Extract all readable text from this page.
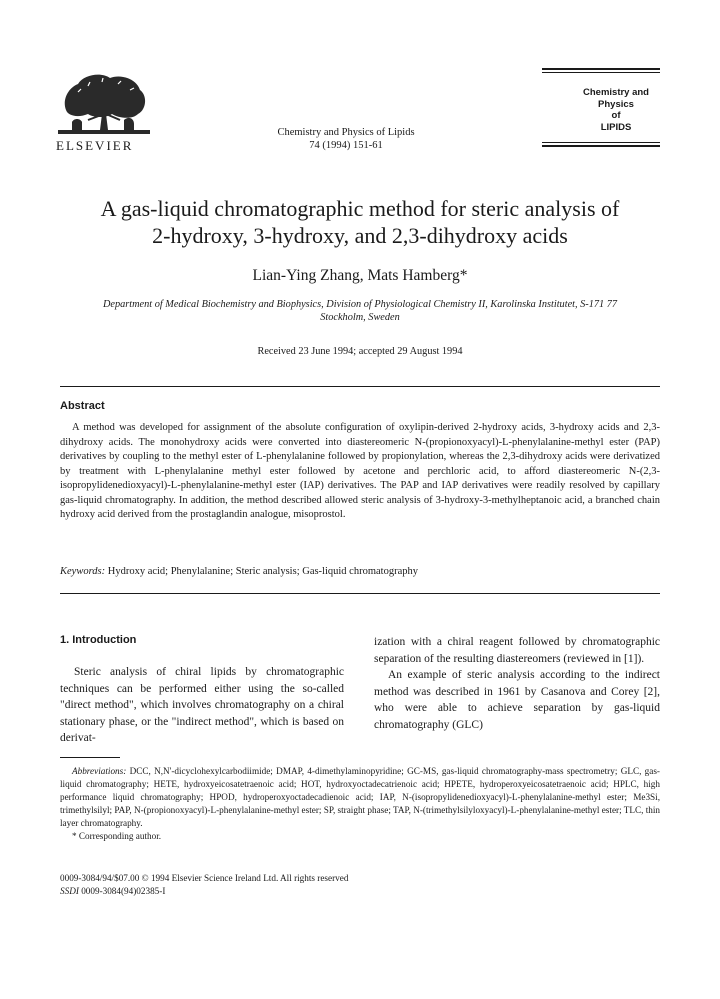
ELSEVIER
Chemistry and Physics of Lipids
74 (1994) 151-61
Chemistry and Physics
of
LIPIDS
A gas-liquid chromatographic method for steric analysis of
2-hydroxy, 3-hydroxy, and 2,3-dihydroxy acids
Lian-Ying Zhang, Mats Hamberg*
Department of Medical Biochemistry and Biophysics, Division of Physiological Chemistry II, Karolinska Institutet, S-171 77
Stockholm, Sweden
Received 23 June 1994; accepted 29 August 1994
Abstract
A method was developed for assignment of the absolute configuration of oxylipin-derived 2-hydroxy acids, 3-hydroxy acids and 2,3-dihydroxy acids. The monohydroxy acids were converted into diastereomeric N-(propionoxyacyl)-L-phenylalanine-methyl ester (PAP) derivatives by coupling to the methyl ester of L-phenylalanine followed by propionylation, whereas the 2,3-dihydroxy acids were derivatized by treatment with L-phenylalanine methyl ester followed by acetone and perchloric acid, to afford diastereomeric N-(2,3-isopropylidenedioxyacyl)-L-phenylalanine-methyl ester (IAP) derivatives. The PAP and IAP derivatives were readily resolved by capillary gas-liquid chromatography. In addition, the method described allowed steric analysis of 3-hydroxy-3-methylheptanoic acid, a branched chain hydroxy acid derived from the prostaglandin analogue, misoprostol.
Keywords: Hydroxy acid; Phenylalanine; Steric analysis; Gas-liquid chromatography
1. Introduction
Steric analysis of chiral lipids by chromatographic techniques can be performed either using the so-called "direct method", which involves chromatography on a chiral stationary phase, or the "indirect method", which is based on derivat-
ization with a chiral reagent followed by chromatographic separation of the resulting diastereomers (reviewed in [1]).
An example of steric analysis according to the indirect method was described in 1961 by Casanova and Corey [2], who were able to achieve separation by gas-liquid chromatography (GLC)
Abbreviations: DCC, N,N'-dicyclohexylcarbodiimide; DMAP, 4-dimethylaminopyridine; GC-MS, gas-liquid chromatography-mass spectrometry; GLC, gas-liquid chromatography; HETE, hydroxyeicosatetraenoic acid; HOT, hydroxyoctadecatrienoic acid; HPETE, hydroperoxyeicosatetraenoic acid; HPLC, high performance liquid chromatography; HPOD, hydroperoxyoctadecadienoic acid; IAP, N-(isopropylidenedioxyacyl)-L-phenylalanine-methyl ester; Me3Si, trimethylsilyl; PAP, N-(propionoxyacyl)-L-phenylalanine-methyl ester; SP, straight phase; TAP, N-(trimethylsilyloxyacyl)-L-phenylalanine-methyl ester; TLC, thin layer chromatography.
* Corresponding author.
0009-3084/94/$07.00 © 1994 Elsevier Science Ireland Ltd. All rights reserved
SSDI 0009-3084(94)02385-I
